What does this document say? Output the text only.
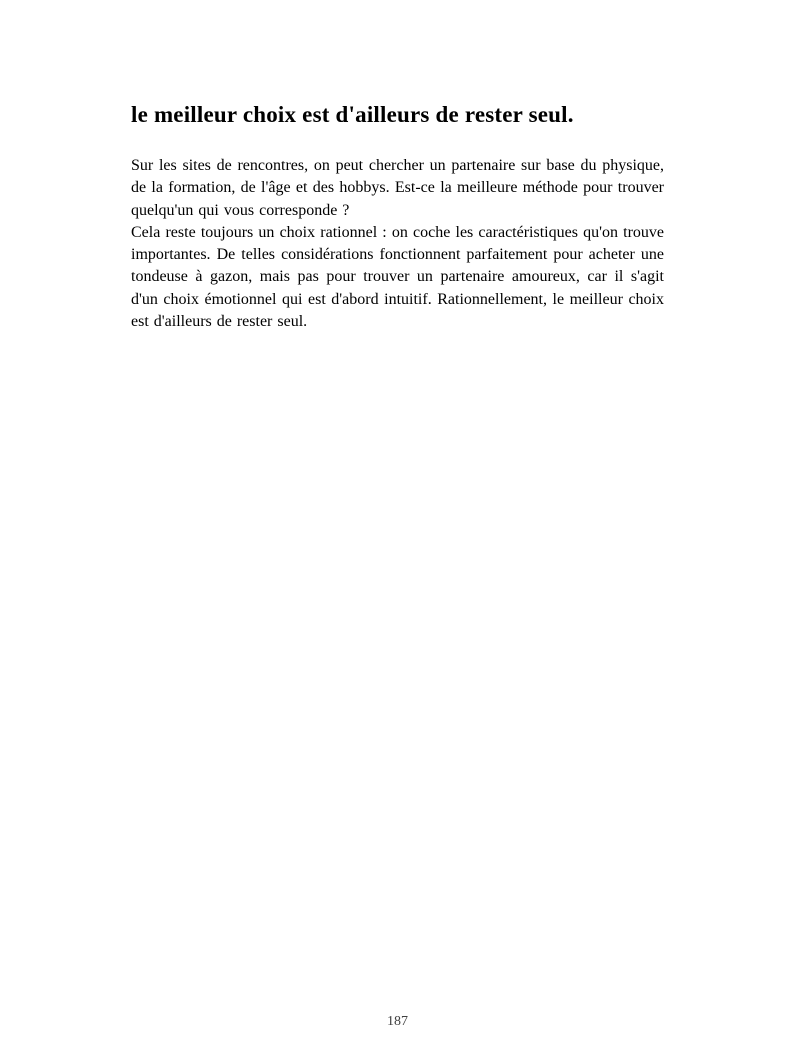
le meilleur choix est d'ailleurs de rester seul.

Sur les sites de rencontres, on peut chercher un partenaire sur base du physique, de la formation, de l'âge et des hobbys. Est-ce la meilleure méthode pour trouver quelqu'un qui vous corresponde ?

Cela reste toujours un choix rationnel : on coche les caractéristiques qu'on trouve importantes. De telles considérations fonctionnent parfaitement pour acheter une tondeuse à gazon, mais pas pour trouver un partenaire amoureux, car il s'agit d'un choix émotionnel qui est d'abord intuitif. Rationnellement, le meilleur choix est d'ailleurs de rester seul.

187
